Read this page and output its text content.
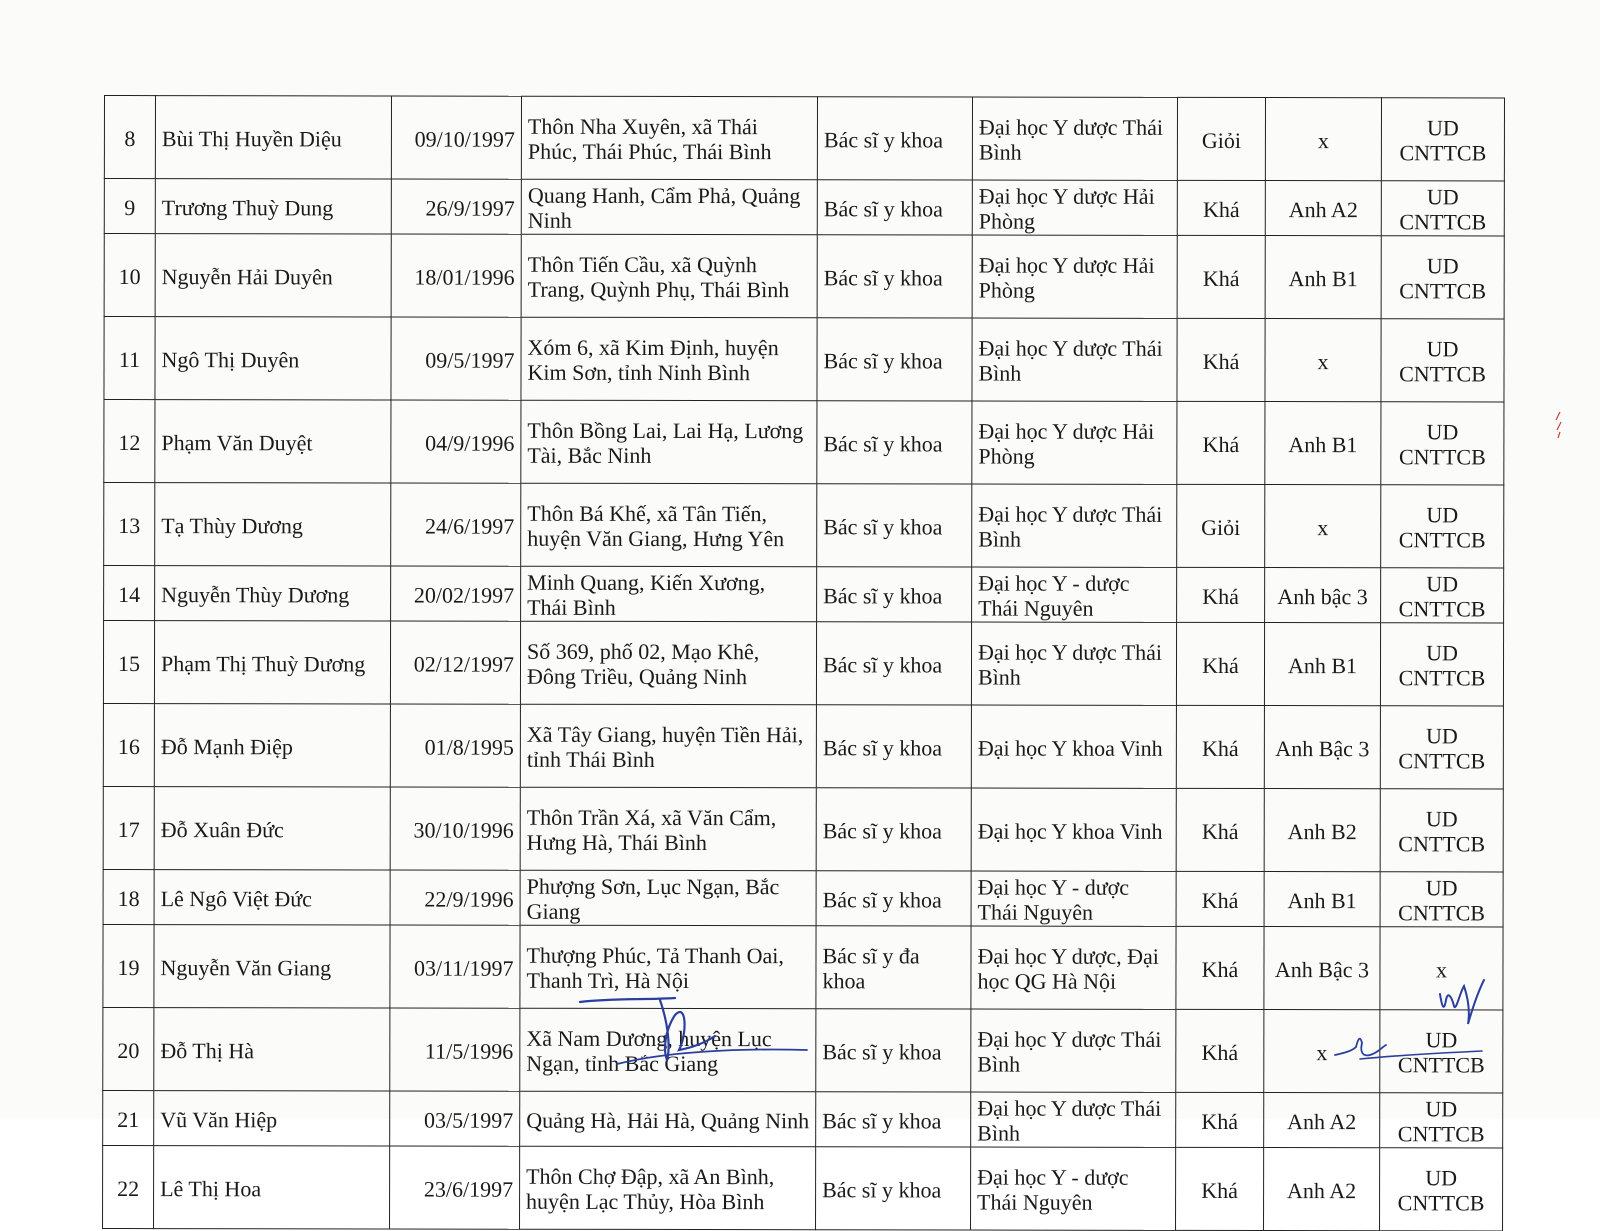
8	Bùi Thị Huyền Diệu	09/10/1997	Thôn Nha Xuyên, xã Thái Phúc, Thái Phúc, Thái Bình	Bác sĩ y khoa	Đại học Y dược Thái Bình	Giỏi	x	UD CNTTCB
9	Trương Thuỳ Dung	26/9/1997	Quang Hanh, Cẩm Phả, Quảng Ninh	Bác sĩ y khoa	Đại học Y dược Hải Phòng	Khá	Anh A2	UD CNTTCB
10	Nguyễn Hải Duyên	18/01/1996	Thôn Tiến Cầu, xã Quỳnh Trang, Quỳnh Phụ, Thái Bình	Bác sĩ y khoa	Đại học Y dược Hải Phòng	Khá	Anh B1	UD CNTTCB
11	Ngô Thị Duyên	09/5/1997	Xóm 6, xã Kim Định, huyện Kim Sơn, tỉnh Ninh Bình	Bác sĩ y khoa	Đại học Y dược Thái Bình	Khá	x	UD CNTTCB
12	Phạm Văn Duyệt	04/9/1996	Thôn Bồng Lai, Lai Hạ, Lương Tài, Bắc Ninh	Bác sĩ y khoa	Đại học Y dược Hải Phòng	Khá	Anh B1	UD CNTTCB
13	Tạ Thùy Dương	24/6/1997	Thôn Bá Khế, xã Tân Tiến, huyện Văn Giang, Hưng Yên	Bác sĩ y khoa	Đại học Y dược Thái Bình	Giỏi	x	UD CNTTCB
14	Nguyễn Thùy Dương	20/02/1997	Minh Quang, Kiến Xương, Thái Bình	Bác sĩ y khoa	Đại học Y - dược Thái Nguyên	Khá	Anh bậc 3	UD CNTTCB
15	Phạm Thị Thuỳ Dương	02/12/1997	Số 369, phố 02, Mạo Khê, Đông Triều, Quảng Ninh	Bác sĩ y khoa	Đại học Y dược Thái Bình	Khá	Anh B1	UD CNTTCB
16	Đỗ Mạnh Điệp	01/8/1995	Xã Tây Giang, huyện Tiền Hải, tỉnh Thái Bình	Bác sĩ y khoa	Đại học Y khoa Vinh	Khá	Anh Bậc 3	UD CNTTCB
17	Đỗ Xuân Đức	30/10/1996	Thôn Trần Xá, xã Văn Cẩm, Hưng Hà, Thái Bình	Bác sĩ y khoa	Đại học Y khoa Vinh	Khá	Anh B2	UD CNTTCB
18	Lê Ngô Việt Đức	22/9/1996	Phượng Sơn, Lục Ngạn, Bắc Giang	Bác sĩ y khoa	Đại học Y - dược Thái Nguyên	Khá	Anh B1	UD CNTTCB
19	Nguyễn Văn Giang	03/11/1997	Thượng Phúc, Tả Thanh Oai, Thanh Trì, Hà Nội	Bác sĩ y đa khoa	Đại học Y dược, Đại học QG Hà Nội	Khá	Anh Bậc 3	x
20	Đỗ Thị Hà	11/5/1996	Xã Nam Dương, huyện Lục Ngạn, tỉnh Bắc Giang	Bác sĩ y khoa	Đại học Y dược Thái Bình	Khá	x	UD CNTTCB
21	Vũ Văn Hiệp	03/5/1997	Quảng Hà, Hải Hà, Quảng Ninh	Bác sĩ y khoa	Đại học Y dược Thái Bình	Khá	Anh A2	UD CNTTCB
22	Lê Thị Hoa	23/6/1997	Thôn Chợ Đập, xã An Bình, huyện Lạc Thủy, Hòa Bình	Bác sĩ y khoa	Đại học Y - dược Thái Nguyên	Khá	Anh A2	UD CNTTCB
